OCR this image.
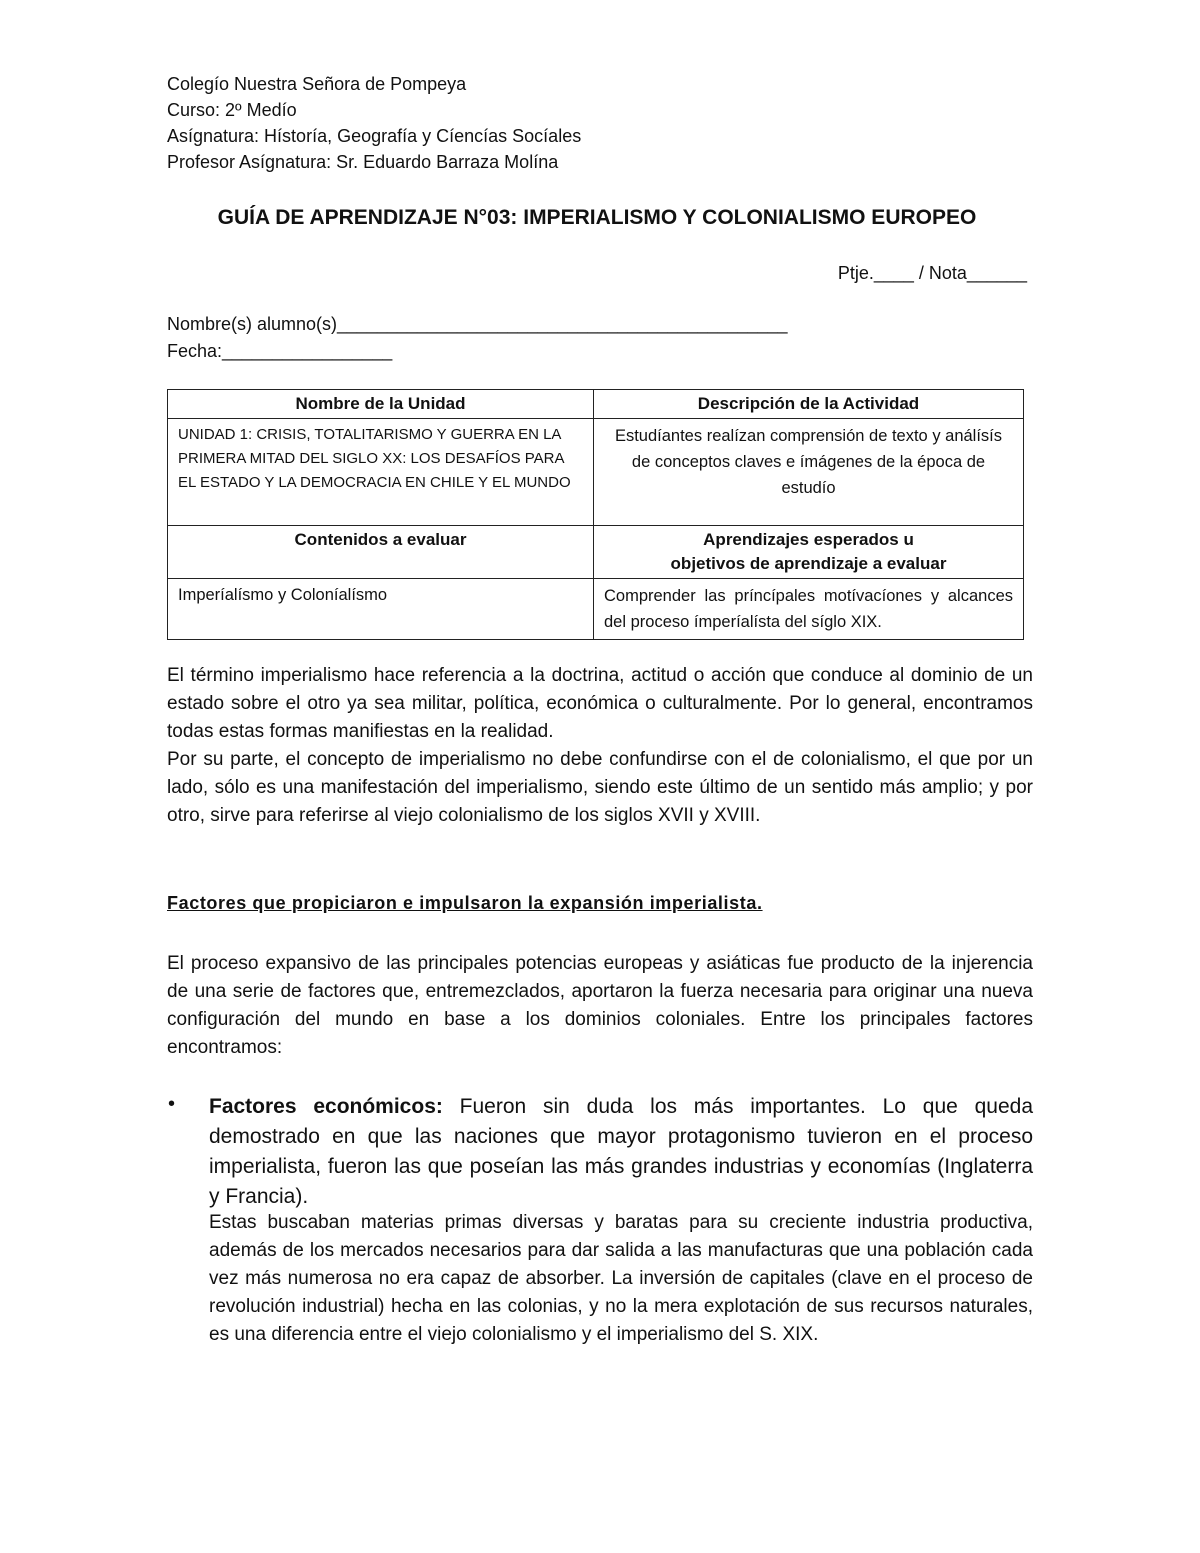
Colegío Nuestra Señora de Pompeya
Curso: 2º Medío
Asígnatura: Hístoría, Geografía y Cíencías Socíales
Profesor Asígnatura: Sr. Eduardo Barraza Molína
GUÍA DE APRENDIZAJE N°03: IMPERIALISMO Y COLONIALISMO EUROPEO
Ptje.____ / Nota______
Nombre(s) alumno(s)_____________________________________________
Fecha:_________________
Nombre de la Unidad	Descripción de la Actividad
UNIDAD 1: CRISIS, TOTALITARISMO Y GUERRA EN LA PRIMERA MITAD DEL SIGLO XX: LOS DESAFÍOS PARA EL ESTADO Y LA DEMOCRACIA EN CHILE Y EL MUNDO	Estudíantes realízan comprensión de texto y análísís de conceptos claves e ímágenes de la época de estudío
Contenidos a evaluar	Aprendizajes esperados u
objetivos de aprendizaje a evaluar

Imperíalísmo y Coloníalísmo	Comprender las príncípales motívacíones y alcances del proceso ímperíalísta del síglo XIX.

El término imperialismo hace referencia a la doctrina, actitud o acción que conduce al dominio de un estado sobre el otro ya sea militar, política, económica o culturalmente. Por lo general, encontramos todas estas formas manifiestas en la realidad.

Por su parte, el concepto de imperialismo no debe confundirse con el de colonialismo, el que por un lado, sólo es una manifestación del imperialismo, siendo este último de un sentido más amplio; y por otro, sirve para referirse al viejo colonialismo de los siglos XVII y XVIII.

Factores que propiciaron e impulsaron la expansión imperialista.

El proceso expansivo de las principales potencias europeas y asiáticas fue producto de la injerencia de una serie de factores que, entremezclados, aportaron la fuerza necesaria para originar una nueva configuración del mundo en base a los dominios coloniales. Entre los principales factores encontramos:

• Factores económicos: Fueron sin duda los más importantes. Lo que queda demostrado en que las naciones que mayor protagonismo tuvieron en el proceso imperialista, fueron las que poseían las más grandes industrias y economías (Inglaterra y Francia).

Estas buscaban materias primas diversas y baratas para su creciente industria productiva, además de los mercados necesarios para dar salida a las manufacturas que una población cada vez más numerosa no era capaz de absorber. La inversión de capitales (clave en el proceso de revolución industrial) hecha en las colonias, y no la mera explotación de sus recursos naturales, es una diferencia entre el viejo colonialismo y el imperialismo del S. XIX.
